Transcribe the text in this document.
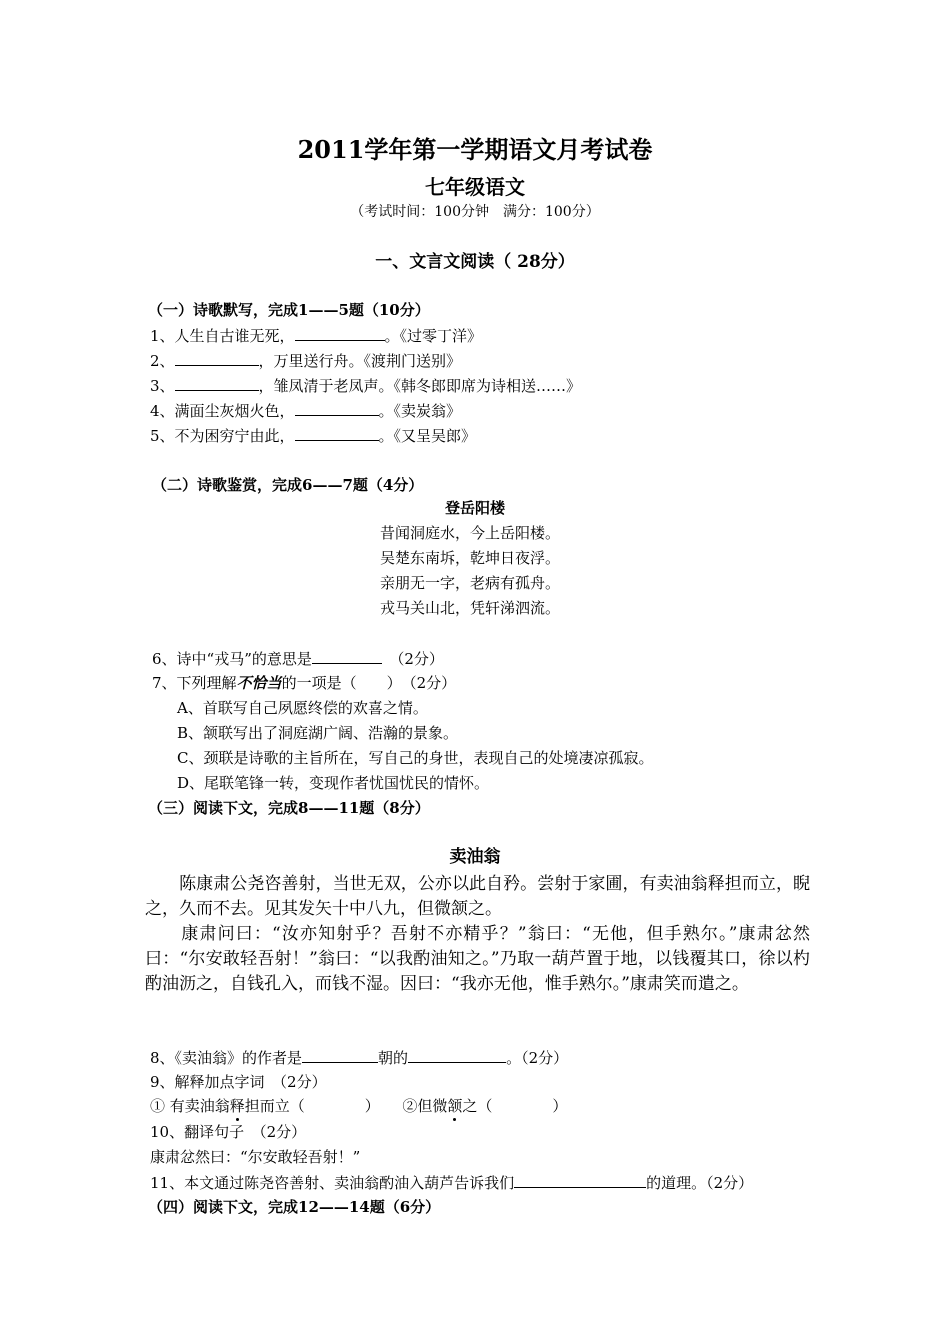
2011学年第一学期语文月考试卷
七年级语文
（考试时间：100分钟　满分：100分）
一、文言文阅读（ 28分）
（一）诗歌默写，完成1——5题（10分）
1、人生自古谁无死，	。《过零丁洋》
2、	，万里送行舟。《渡荆门送别》
3、	，雏凤清于老凤声。《韩冬郎即席为诗相送……》
4、满面尘灰烟火色，	。《卖炭翁》
5、不为困穷宁由此，	。《又呈吴郎》
（二）诗歌鉴赏，完成6——7题（4分）
登岳阳楼
昔闻洞庭水，今上岳阳楼。
吴楚东南坼，乾坤日夜浮。
亲朋无一字，老病有孤舟。
戎马关山北，凭轩涕泗流。
6、诗中“戎马”的意思是	　（2分）
7、下列理解不恰当的一项是（　　）　（2分）
A、首联写自己夙愿终偿的欢喜之情。
B、颔联写出了洞庭湖广阔、浩瀚的景象。
C、颈联是诗歌的主旨所在，写自己的身世，表现自己的处境凄凉孤寂。
D、尾联笔锋一转，变现作者忧国忧民的情怀。
（三）阅读下文，完成8——11题（8分）
卖油翁
　　陈康肃公尧咨善射，当世无双，公亦以此自矜。尝射于家圃，有卖油翁释担而立，睨之，久而不去。见其发矢十中八九，但微颔之。
　　康肃问曰：“汝亦知射乎？吾射不亦精乎？”翁曰：“无他，但手熟尔。”康肃忿然曰：“尔安敢轻吾射！”翁曰：“以我酌油知之。”乃取一葫芦置于地，以钱覆其口，徐以杓酌油沥之，自钱孔入，而钱不湿。因曰：“我亦无他，惟手熟尔。”康肃笑而遣之。
8、《卖油翁》的作者是	朝的	。（2分）
9、解释加点字词　（2分）
① 有卖油翁释担而立（　　　　）　　 ②但微颔之（　　　　）
10、翻译句子　（2分）
康肃忿然曰：“尔安敢轻吾射！”
11、本文通过陈尧咨善射、卖油翁酌油入葫芦告诉我们	的道理。（2分）
（四）阅读下文，完成12——14题（6分）
